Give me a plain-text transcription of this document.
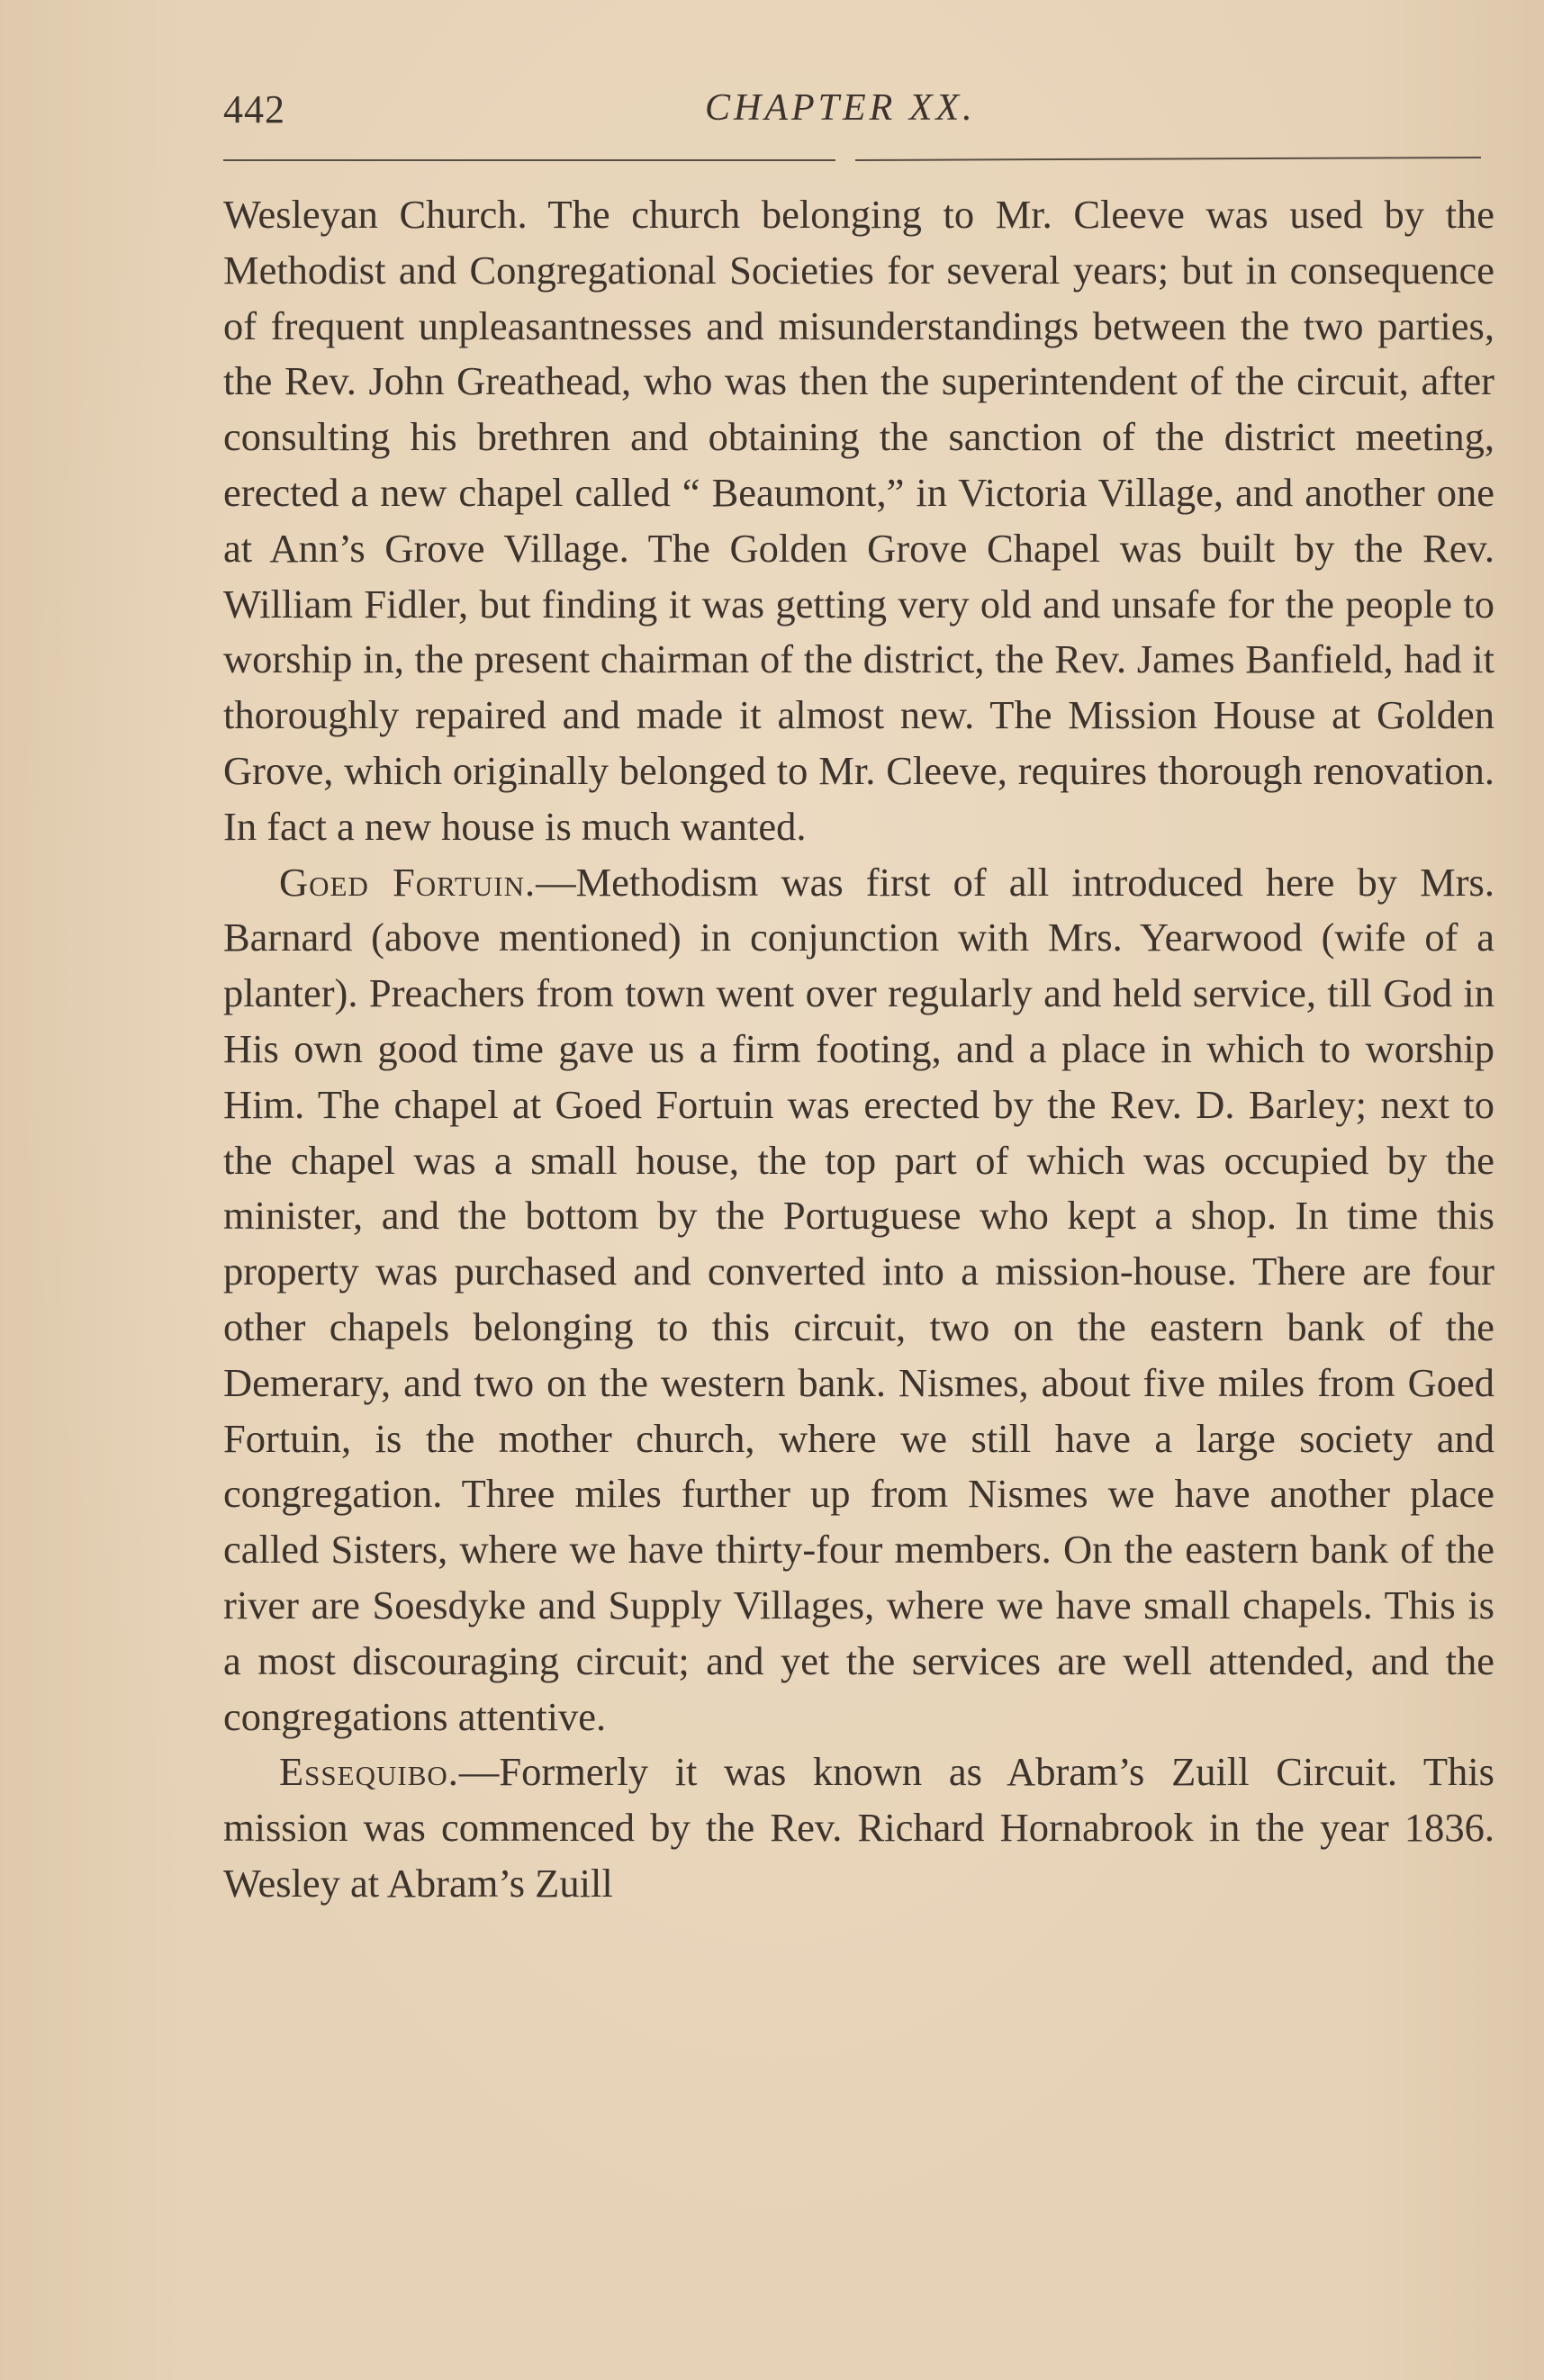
442	CHAPTER XX.

Wesleyan Church. The church belonging to Mr. Cleeve was used by the Methodist and Congregational Societies for several years; but in consequence of frequent unpleasantnesses and misunderstandings between the two parties, the Rev. John Greathead, who was then the superintendent of the circuit, after consulting his brethren and obtaining the sanction of the district meeting, erected a new chapel called “ Beaumont,” in Victoria Village, and another one at Ann’s Grove Village. The Golden Grove Chapel was built by the Rev. William Fidler, but finding it was getting very old and unsafe for the people to worship in, the present chairman of the district, the Rev. James Banfield, had it thoroughly repaired and made it almost new. The Mission House at Golden Grove, which originally belonged to Mr. Cleeve, requires thorough renovation. In fact a new house is much wanted.

Goed Fortuin.—Methodism was first of all introduced here by Mrs. Barnard (above mentioned) in conjunction with Mrs. Yearwood (wife of a planter). Preachers from town went over regularly and held service, till God in His own good time gave us a firm footing, and a place in which to worship Him. The chapel at Goed Fortuin was erected by the Rev. D. Barley; next to the chapel was a small house, the top part of which was occupied by the minister, and the bottom by the Portuguese who kept a shop. In time this property was purchased and converted into a mission-house. There are four other chapels belonging to this circuit, two on the eastern bank of the Demerary, and two on the western bank. Nismes, about five miles from Goed Fortuin, is the mother church, where we still have a large society and congregation. Three miles further up from Nismes we have another place called Sisters, where we have thirty-four members. On the eastern bank of the river are Soesdyke and Supply Villages, where we have small chapels. This is a most discouraging circuit; and yet the services are well attended, and the congregations attentive.

Essequibo.—Formerly it was known as Abram’s Zuill Circuit. This mission was commenced by the Rev. Richard Hornabrook in the year 1836. Wesley at Abram’s Zuill
